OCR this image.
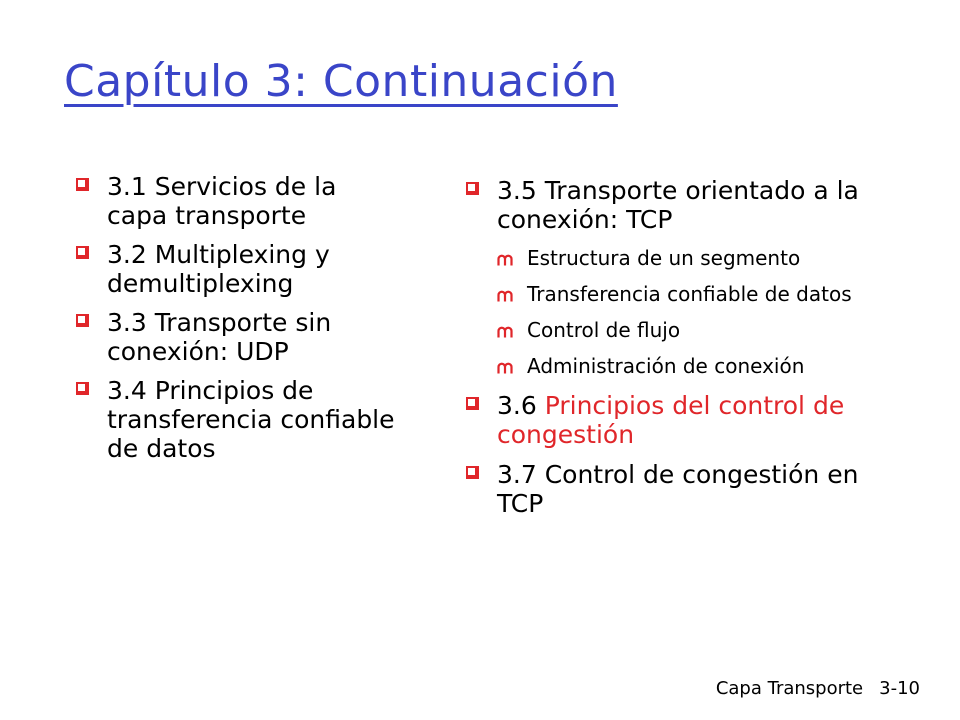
Capítulo 3: Continuación
3.1 Servicios de la capa transporte
3.2 Multiplexing y demultiplexing
3.3 Transporte sin conexión: UDP
3.4 Principios de transferencia confiable de datos
3.5 Transporte orientado a la conexión: TCP
Estructura de un segmento
Transferencia confiable de datos
Control de flujo
Administración de conexión
3.6 Principios del control de congestión
3.7 Control de congestión en TCP
Capa Transporte 3-10
